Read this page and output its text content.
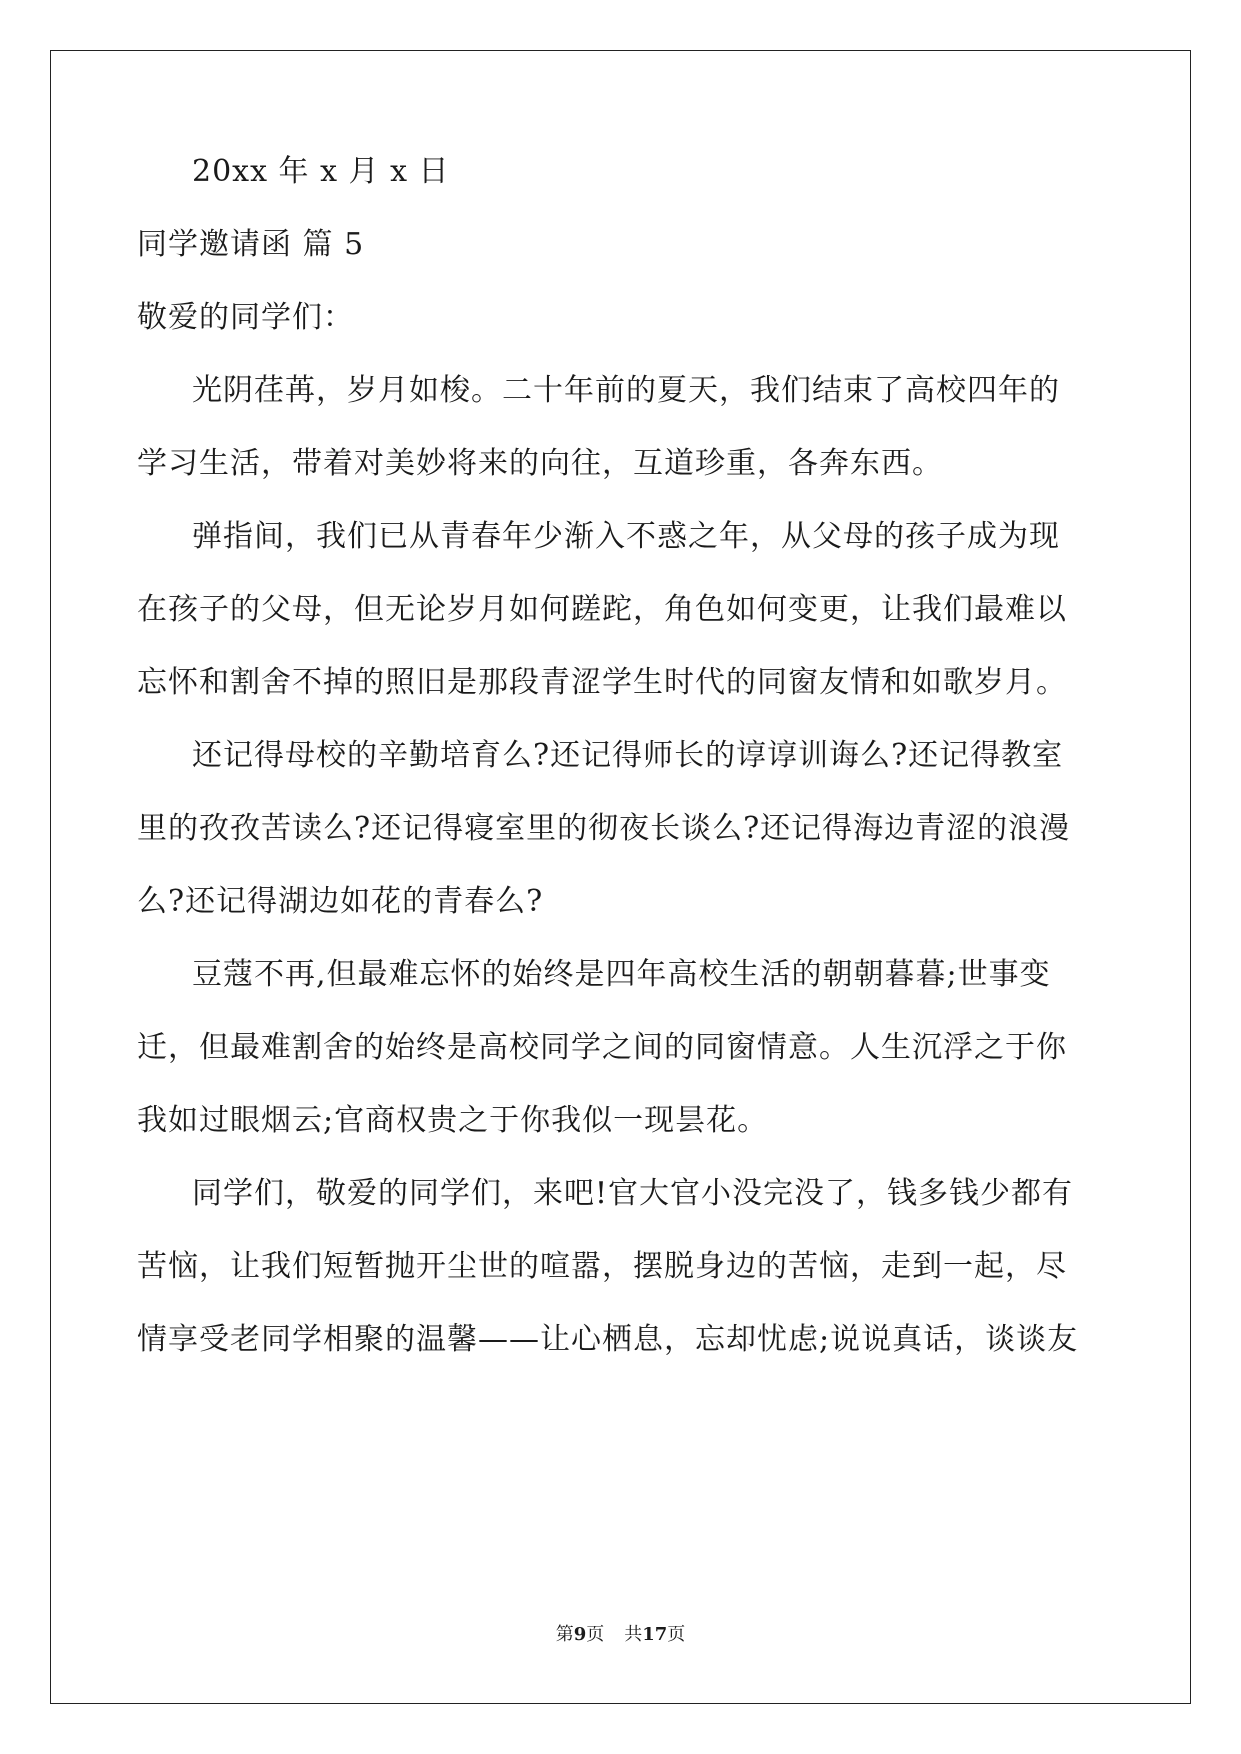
20xx 年 x 月 x 日
同学邀请函 篇 5
敬爱的同学们：
光阴荏苒，岁月如梭。二十年前的夏天，我们结束了高校四年的
学习生活，带着对美妙将来的向往，互道珍重，各奔东西。
弹指间，我们已从青春年少渐入不惑之年，从父母的孩子成为现
在孩子的父母，但无论岁月如何蹉跎，角色如何变更，让我们最难以
忘怀和割舍不掉的照旧是那段青涩学生时代的同窗友情和如歌岁月。
还记得母校的辛勤培育么?还记得师长的谆谆训诲么?还记得教室
里的孜孜苦读么?还记得寝室里的彻夜长谈么?还记得海边青涩的浪漫
么?还记得湖边如花的青春么?
豆蔻不再,但最难忘怀的始终是四年高校生活的朝朝暮暮;世事变
迁，但最难割舍的始终是高校同学之间的同窗情意。人生沉浮之于你
我如过眼烟云;官商权贵之于你我似一现昙花。
同学们，敬爱的同学们，来吧!官大官小没完没了，钱多钱少都有
苦恼，让我们短暂抛开尘世的喧嚣，摆脱身边的苦恼，走到一起，尽
情享受老同学相聚的温馨——让心栖息，忘却忧虑;说说真话，谈谈友
第9页 共17页
